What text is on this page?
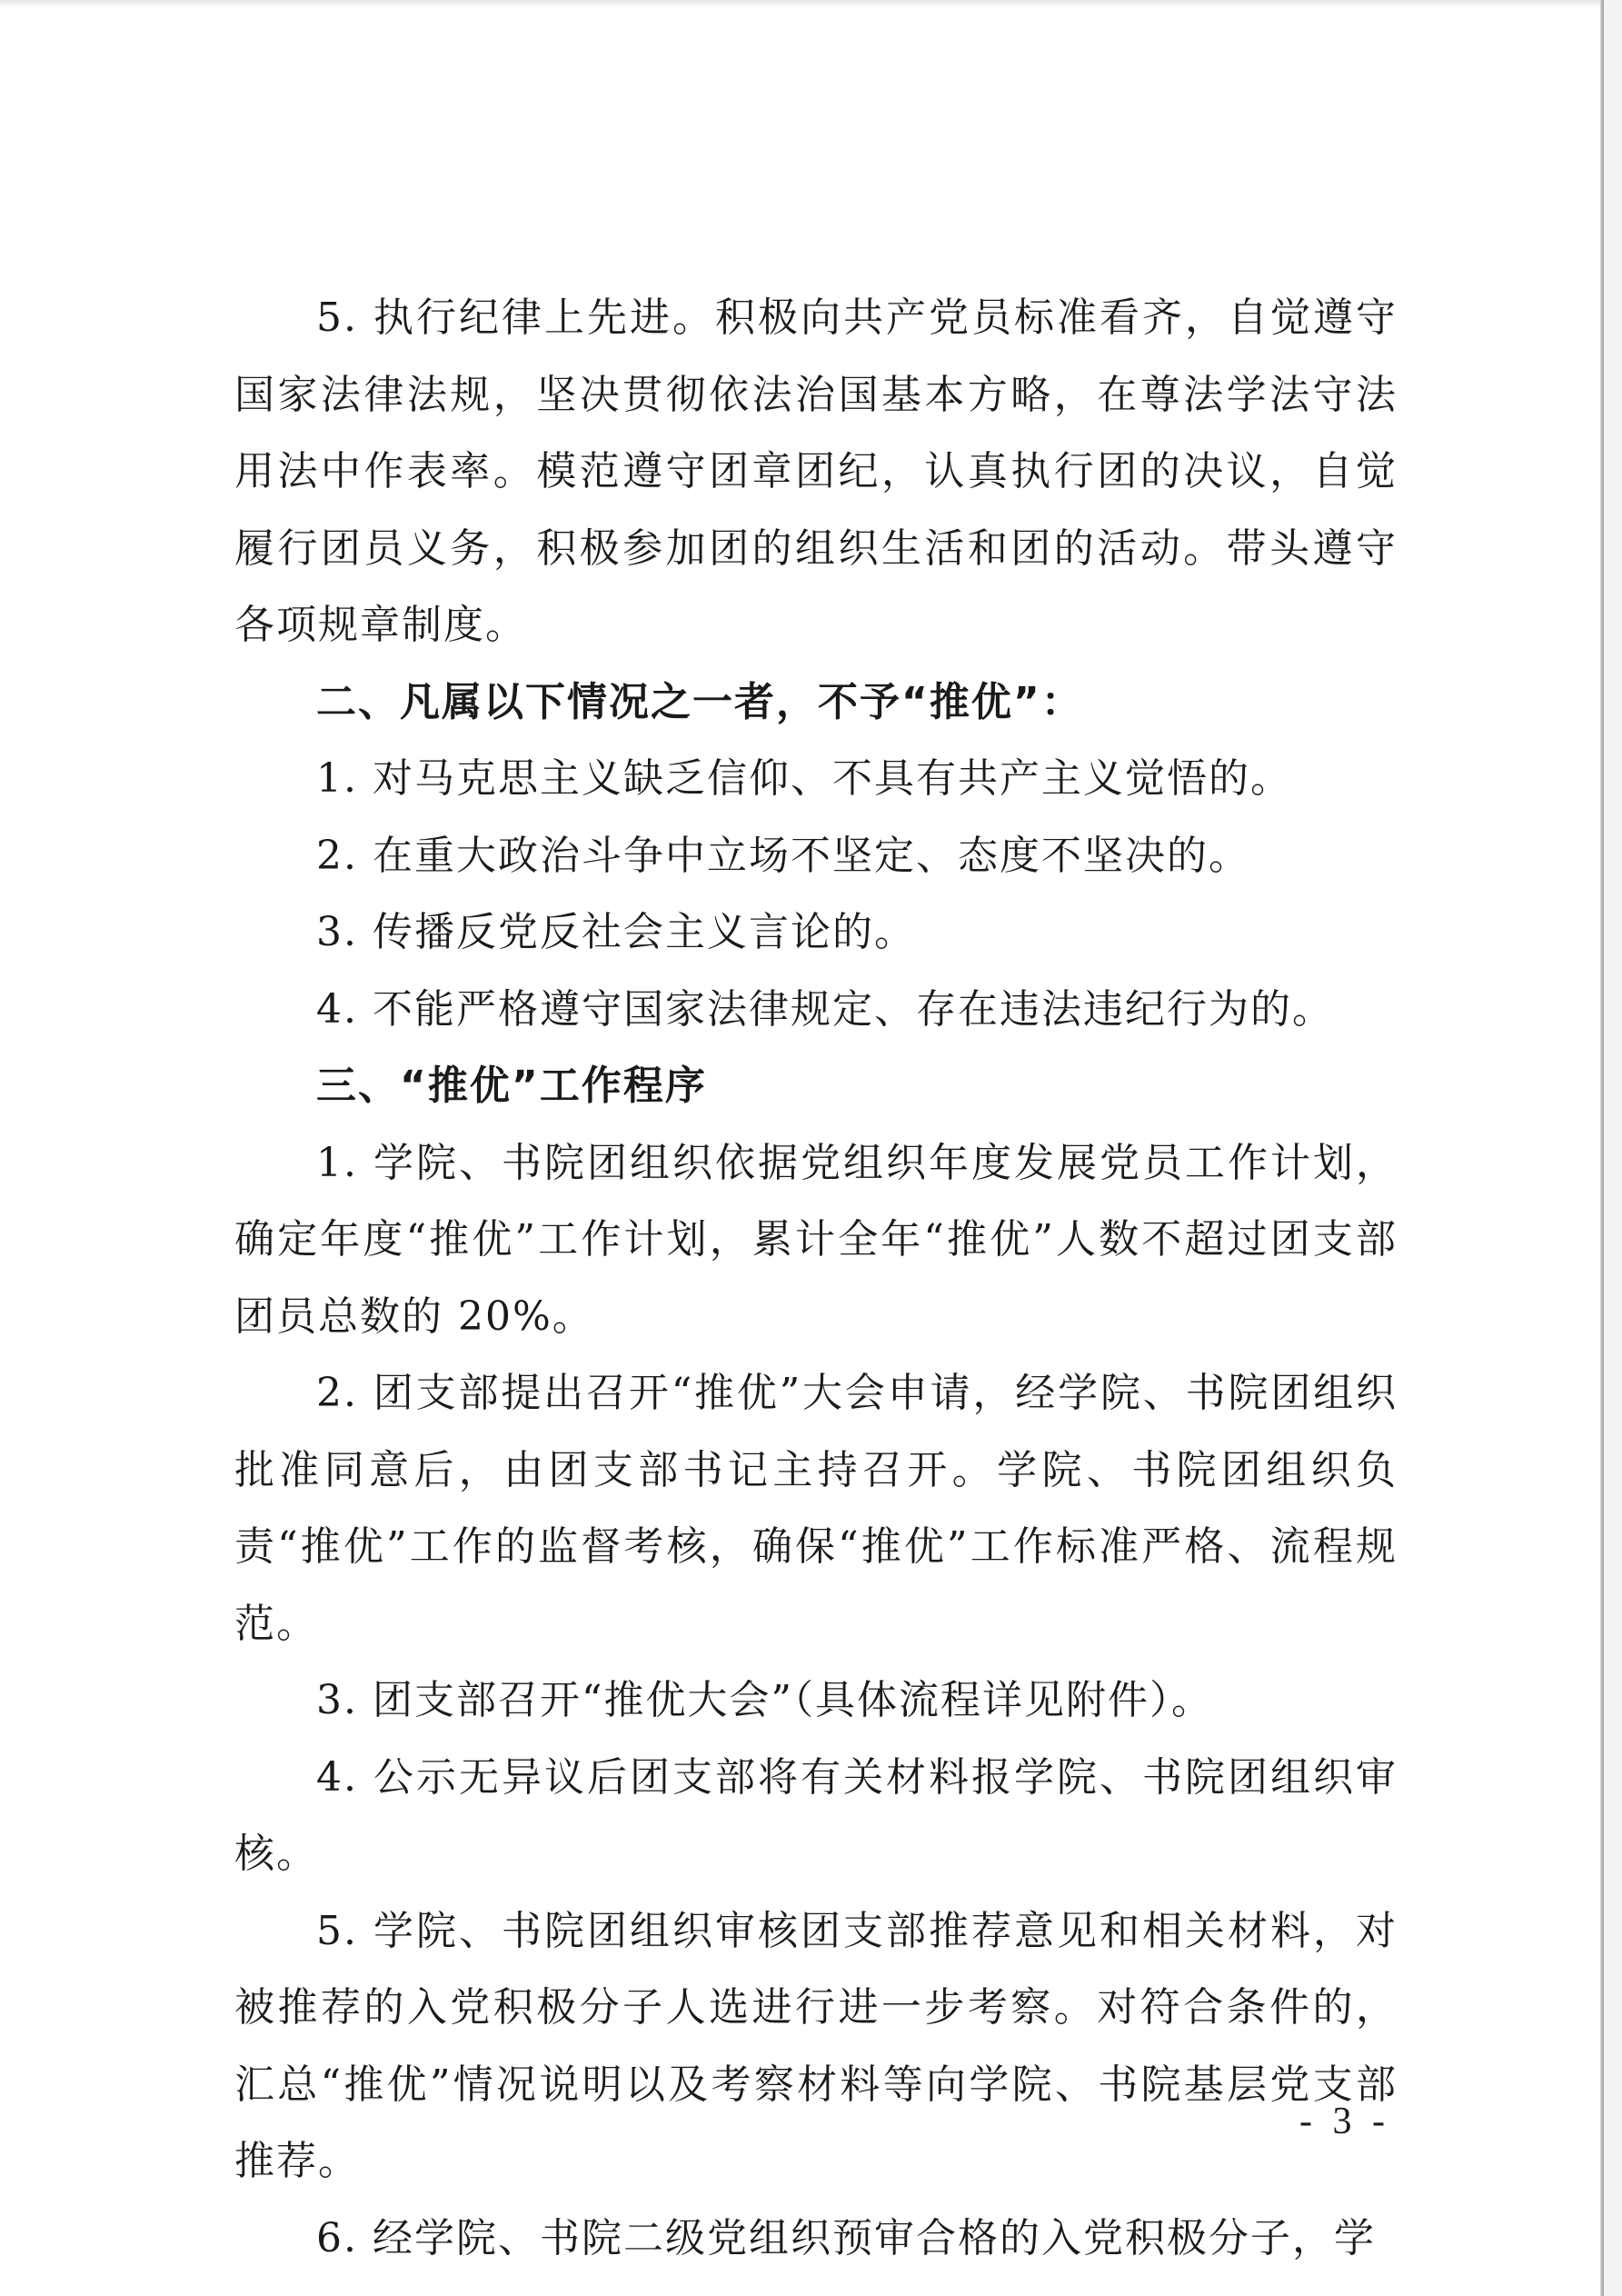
5. 执行纪律上先进。积极向共产党员标准看齐，自觉遵守国家法律法规，坚决贯彻依法治国基本方略，在尊法学法守法用法中作表率。模范遵守团章团纪，认真执行团的决议，自觉履行团员义务，积极参加团的组织生活和团的活动。带头遵守各项规章制度。

二、凡属以下情况之一者，不予“推优”：

1. 对马克思主义缺乏信仰、不具有共产主义觉悟的。

2. 在重大政治斗争中立场不坚定、态度不坚决的。

3. 传播反党反社会主义言论的。

4. 不能严格遵守国家法律规定、存在违法违纪行为的。

三、“推优”工作程序

1. 学院、书院团组织依据党组织年度发展党员工作计划，确定年度“推优”工作计划，累计全年“推优”人数不超过团支部团员总数的 20%。

2. 团支部提出召开“推优”大会申请，经学院、书院团组织批准同意后，由团支部书记主持召开。学院、书院团组织负责“推优”工作的监督考核，确保“推优”工作标准严格、流程规范。

3. 团支部召开“推优大会”（具体流程详见附件）。

4. 公示无异议后团支部将有关材料报学院、书院团组织审核。

5. 学院、书院团组织审核团支部推荐意见和相关材料，对被推荐的入党积极分子人选进行进一步考察。对符合条件的，汇总“推优”情况说明以及考察材料等向学院、书院基层党支部推荐。

6. 经学院、书院二级党组织预审合格的入党积极分子，学

- 3 -
